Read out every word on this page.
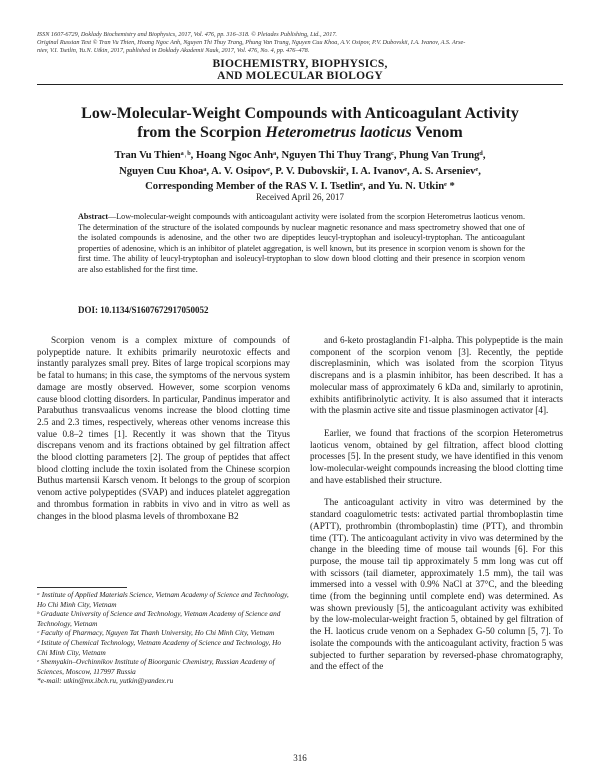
ISSN 1607-6729, Doklady Biochemistry and Biophysics, 2017, Vol. 476, pp. 316–318. © Pleiades Publishing, Ltd., 2017.
Original Russian Text © Tran Vu Thien, Hoang Ngoc Anh, Nguyen Thi Thuy Trang, Phung Van Trung, Nguyen Cuu Khoa, A.V. Osipov, P.V. Dubovskii, I.A. Ivanov, A.S. Arse-
niev, V.I. Tsetlin, Yu.N. Utkin, 2017, published in Doklady Akademii Nauk, 2017, Vol. 476, No. 4, pp. 476–478.
BIOCHEMISTRY, BIOPHYSICS,
AND MOLECULAR BIOLOGY
Low-Molecular-Weight Compounds with Anticoagulant Activity
from the Scorpion Heterometrus laoticus Venom
Tran Vu Thienᵃ˒ᵇ, Hoang Ngoc Anhᵃ, Nguyen Thi Thuy Trangᶜ, Phung Van Trungᵈ,
Nguyen Cuu Khoaᵃ, A. V. Osipovᵉ, P. V. Dubovskiiᵉ, I. A. Ivanovᵉ, A. S. Arsenievᵉ,
Corresponding Member of the RAS V. I. Tsetlinᵉ, and Yu. N. Utkinᵉ *
Received April 26, 2017
Abstract—Low-molecular-weight compounds with anticoagulant activity were isolated from the scorpion Heterometrus laoticus venom. The determination of the structure of the isolated compounds by nuclear magnetic resonance and mass spectrometry showed that one of the isolated compounds is adenosine, and the other two are dipeptides leucyl-tryptophan and isoleucyl-tryptophan. The anticoagulant properties of adenosine, which is an inhibitor of platelet aggregation, is well known, but its presence in scorpion venom is shown for the first time. The ability of leucyl-tryptophan and isoleucyl-tryptophan to slow down blood clotting and their presence in scorpion venom are also established for the first time.
DOI: 10.1134/S1607672917050052

Scorpion venom is a complex mixture of compounds of polypeptide nature. It exhibits primarily neurotoxic effects and instantly paralyzes small prey. Bites of large tropical scorpions may be fatal to humans; in this case, the symptoms of the nervous system damage are mostly observed. However, some scorpion venoms cause blood clotting disorders. In particular, Pandinus imperator and Parabuthus transvaalicus venoms increase the blood clotting time 2.5 and 2.3 times, respectively, whereas other venoms increase this value 0.8–2 times [1]. Recently it was shown that the Tityus discrepans venom and its fractions obtained by gel filtration affect the blood clotting parameters [2]. The group of peptides that affect blood clotting include the toxin isolated from the Chinese scorpion Buthus martensii Karsch venom. It belongs to the group of scorpion venom active polypeptides (SVAP) and induces platelet aggregation and thrombus formation in rabbits in vivo and in vitro as well as changes in the blood plasma levels of thromboxane B2

and 6-keto prostaglandin F1-alpha. This polypeptide is the main component of the scorpion venom [3]. Recently, the peptide discreplasminin, which was isolated from the scorpion Tityus discrepans and is a plasmin inhibitor, has been described. It has a molecular mass of approximately 6 kDa and, similarly to aprotinin, exhibits antifibrinolytic activity. It is also assumed that it interacts with the plasmin active site and tissue plasminogen activator [4].

Earlier, we found that fractions of the scorpion Heterometrus laoticus venom, obtained by gel filtration, affect blood clotting processes [5]. In the present study, we have identified in this venom low-molecular-weight compounds increasing the blood clotting time and have established their structure.

The anticoagulant activity in vitro was determined by the standard coagulometric tests: activated partial thromboplastin time (APTT), prothrombin (thromboplastin) time (PTT), and thrombin time (TT). The anticoagulant activity in vivo was determined by the change in the bleeding time of mouse tail wounds [6]. For this purpose, the mouse tail tip approximately 5 mm long was cut off with scissors (tail diameter, approximately 1.5 mm), the tail was immersed into a vessel with 0.9% NaCl at 37°C, and the bleeding time (from the beginning until complete end) was determined. As was shown previously [5], the anticoagulant activity was exhibited by the low-molecular-weight fraction 5, obtained by gel filtration of the H. laoticus crude venom on a Sephadex G-50 column [5, 7]. To isolate the compounds with the anticoagulant activity, fraction 5 was subjected to further separation by reversed-phase chromatography, and the effect of the

ᵃ Institute of Applied Materials Science, Vietnam Academy of Science and Technology, Ho Chi Minh City, Vietnam

ᵇ Graduate University of Science and Technology, Vietnam Academy of Science and Technology, Vietnam

ᶜ Faculty of Pharmacy, Nguyen Tat Thanh University, Ho Chi Minh City, Vietnam

ᵈ Istitute of Chemical Technology, Vietnam Academy of Science and Technology, Ho Chi Minh City, Vietnam

ᵉ Shemyakin–Ovchinnikov Institute of Bioorganic Chemistry, Russian Academy of Sciences, Moscow, 117997 Russia

*e-mail: utkin@mx.ibch.ru, yutkin@yandex.ru

316
